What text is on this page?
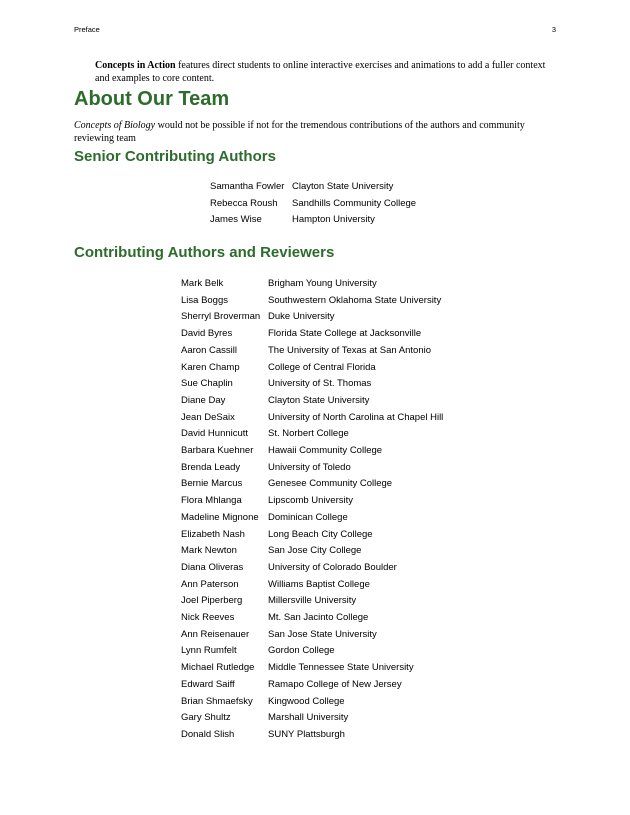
Preface	3

Concepts in Action features direct students to online interactive exercises and animations to add a fuller context and examples to core content.

About Our Team

Concepts of Biology would not be possible if not for the tremendous contributions of the authors and community reviewing team

Senior Contributing Authors
Samantha Fowler	Clayton State University
Rebecca Roush	Sandhills Community College
James Wise	Hampton University
Contributing Authors and Reviewers
Mark Belk	Brigham Young University
Lisa Boggs	Southwestern Oklahoma State University
Sherryl Broverman	Duke University
David Byres	Florida State College at Jacksonville
Aaron Cassill	The University of Texas at San Antonio
Karen Champ	College of Central Florida
Sue Chaplin	University of St. Thomas
Diane Day	Clayton State University
Jean DeSaix	University of North Carolina at Chapel Hill
David Hunnicutt	St. Norbert College
Barbara Kuehner	Hawaii Community College
Brenda Leady	University of Toledo
Bernie Marcus	Genesee Community College
Flora Mhlanga	Lipscomb University
Madeline Mignone	Dominican College
Elizabeth Nash	Long Beach City College
Mark Newton	San Jose City College
Diana Oliveras	University of Colorado Boulder
Ann Paterson	Williams Baptist College
Joel Piperberg	Millersville University
Nick Reeves	Mt. San Jacinto College
Ann Reisenauer	San Jose State University
Lynn Rumfelt	Gordon College
Michael Rutledge	Middle Tennessee State University
Edward Saiff	Ramapo College of New Jersey
Brian Shmaefsky	Kingwood College
Gary Shultz	Marshall University
Donald Slish	SUNY Plattsburgh
